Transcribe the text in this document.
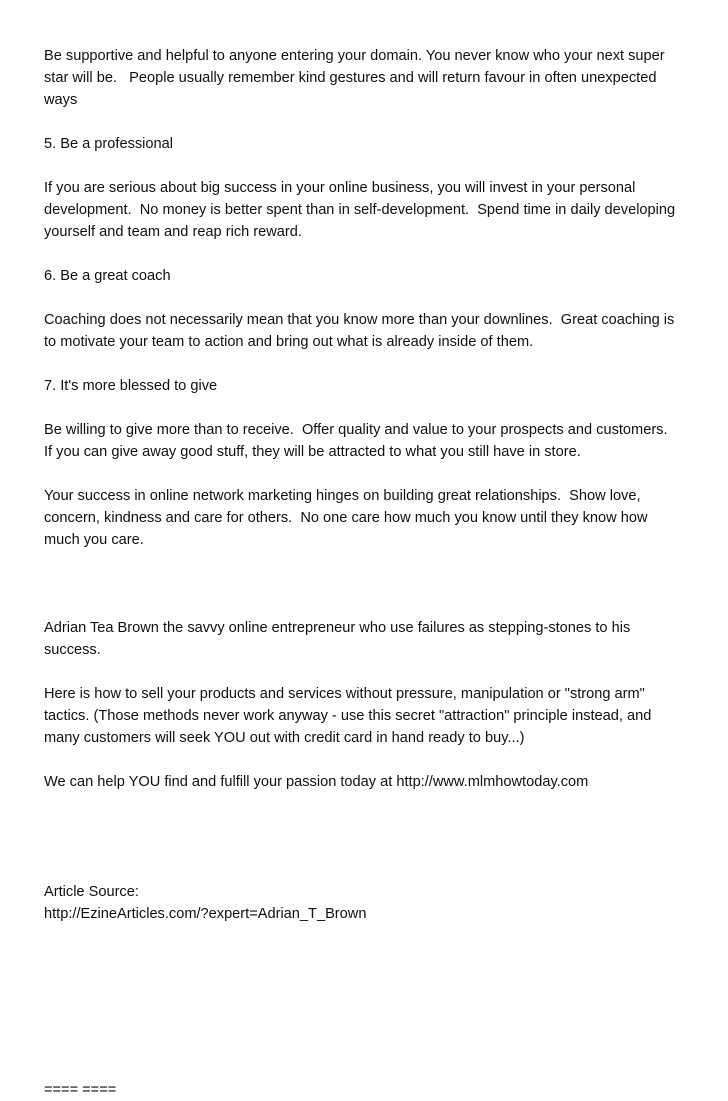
Be supportive and helpful to anyone entering your domain. You never know who your next super
star will be.   People usually remember kind gestures and will return favour in often unexpected
ways
5. Be a professional
If you are serious about big success in your online business, you will invest in your personal
development.  No money is better spent than in self-development.  Spend time in daily developing
yourself and team and reap rich reward.
6. Be a great coach
Coaching does not necessarily mean that you know more than your downlines.  Great coaching is
to motivate your team to action and bring out what is already inside of them.
7. It's more blessed to give
Be willing to give more than to receive.  Offer quality and value to your prospects and customers.
If you can give away good stuff, they will be attracted to what you still have in store.
Your success in online network marketing hinges on building great relationships.  Show love,
concern, kindness and care for others.  No one care how much you know until they know how
much you care.
Adrian Tea Brown the savvy online entrepreneur who use failures as stepping-stones to his
success.
Here is how to sell your products and services without pressure, manipulation or "strong arm"
tactics. (Those methods never work anyway - use this secret "attraction" principle instead, and
many customers will seek YOU out with credit card in hand ready to buy...)
We can help YOU find and fulfill your passion today at http://www.mlmhowtoday.com
Article Source:
http://EzineArticles.com/?expert=Adrian_T_Brown
==== ====
